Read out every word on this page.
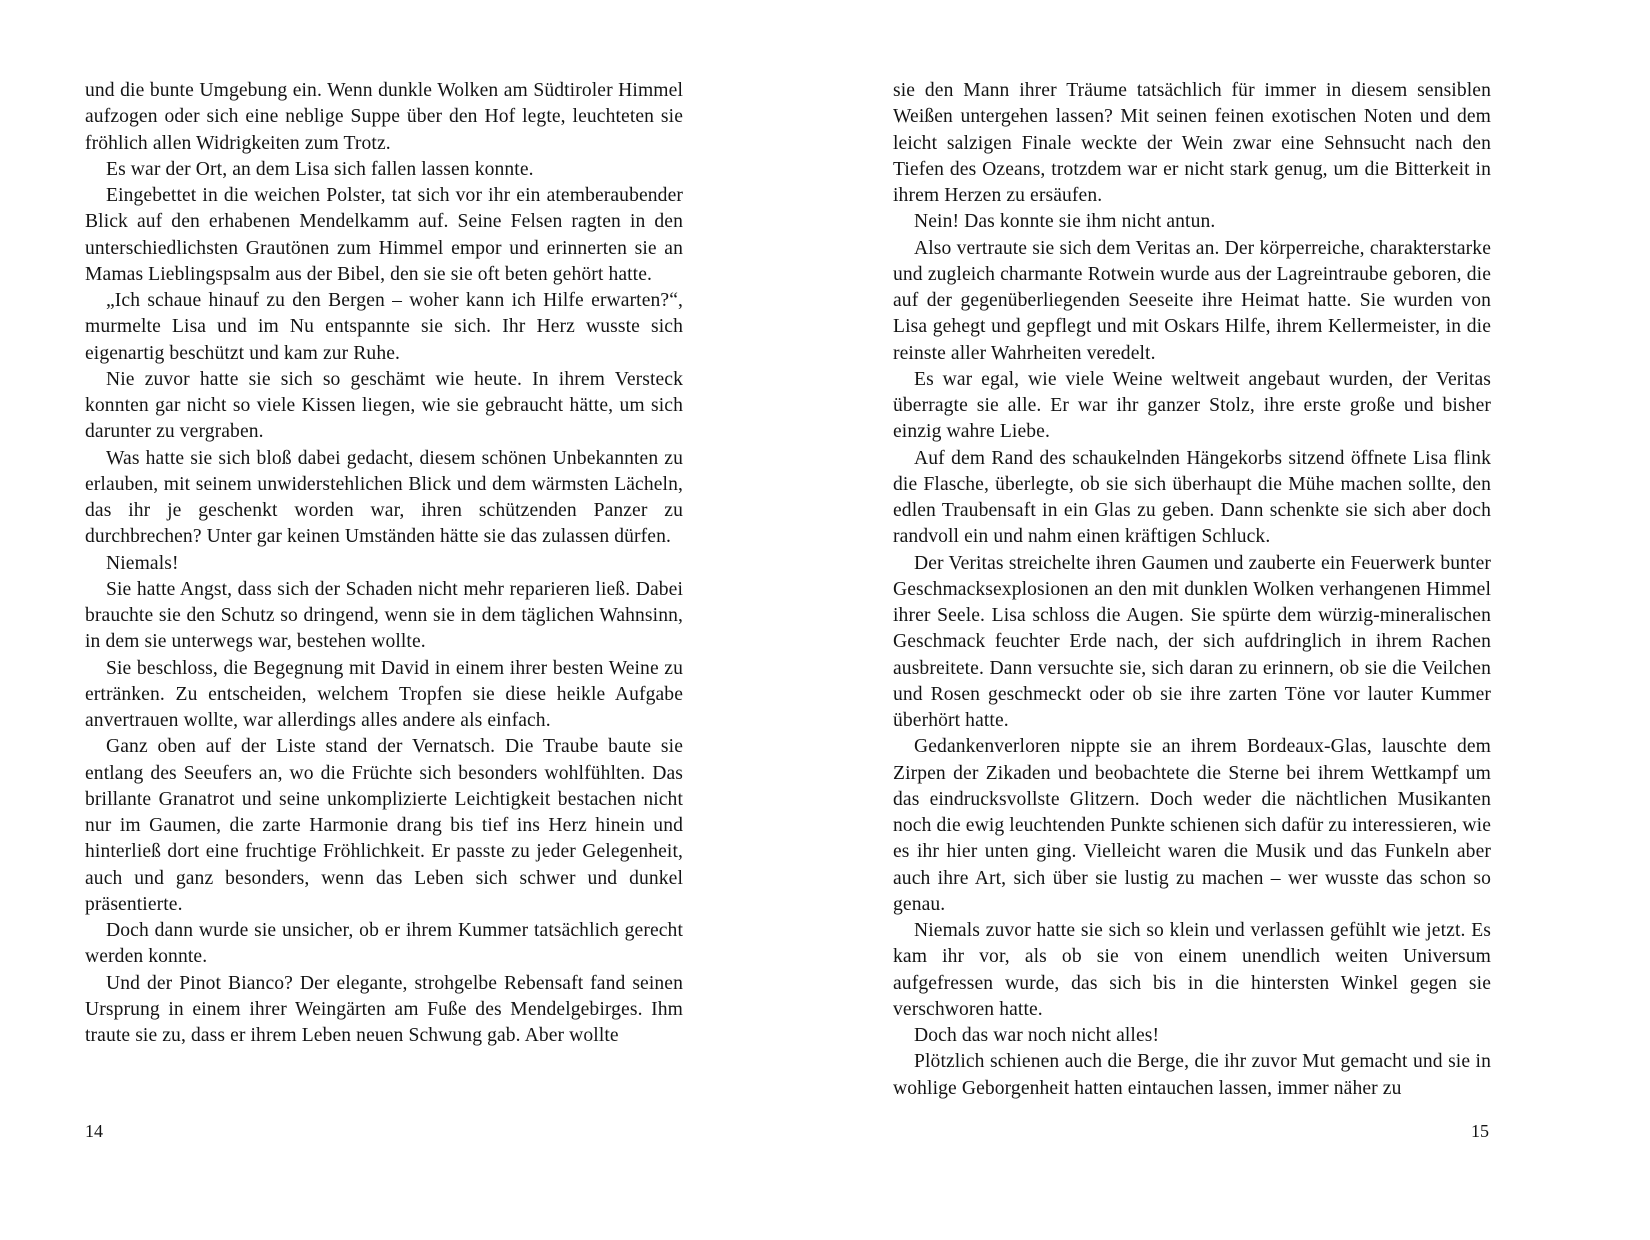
und die bunte Umgebung ein. Wenn dunkle Wolken am Südtiroler Himmel aufzogen oder sich eine neblige Suppe über den Hof legte, leuchteten sie fröhlich allen Widrigkeiten zum Trotz.

Es war der Ort, an dem Lisa sich fallen lassen konnte.

Eingebettet in die weichen Polster, tat sich vor ihr ein atemberaubender Blick auf den erhabenen Mendelkamm auf. Seine Felsen ragten in den unterschiedlichsten Grautönen zum Himmel empor und erinnerten sie an Mamas Lieblingspsalm aus der Bibel, den sie sie oft beten gehört hatte.

„Ich schaue hinauf zu den Bergen – woher kann ich Hilfe erwarten?“, murmelte Lisa und im Nu entspannte sie sich. Ihr Herz wusste sich eigenartig beschützt und kam zur Ruhe.

Nie zuvor hatte sie sich so geschämt wie heute. In ihrem Versteck konnten gar nicht so viele Kissen liegen, wie sie gebraucht hätte, um sich darunter zu vergraben.

Was hatte sie sich bloß dabei gedacht, diesem schönen Unbekannten zu erlauben, mit seinem unwiderstehlichen Blick und dem wärmsten Lächeln, das ihr je geschenkt worden war, ihren schützenden Panzer zu durchbrechen? Unter gar keinen Umständen hätte sie das zulassen dürfen.

Niemals!

Sie hatte Angst, dass sich der Schaden nicht mehr reparieren ließ. Dabei brauchte sie den Schutz so dringend, wenn sie in dem täglichen Wahnsinn, in dem sie unterwegs war, bestehen wollte.

Sie beschloss, die Begegnung mit David in einem ihrer besten Weine zu ertränken. Zu entscheiden, welchem Tropfen sie diese heikle Aufgabe anvertrauen wollte, war allerdings alles andere als einfach.

Ganz oben auf der Liste stand der Vernatsch. Die Traube baute sie entlang des Seeufers an, wo die Früchte sich besonders wohlfühlten. Das brillante Granatrot und seine unkomplizierte Leichtigkeit bestachen nicht nur im Gaumen, die zarte Harmonie drang bis tief ins Herz hinein und hinterließ dort eine fruchtige Fröhlichkeit. Er passte zu jeder Gelegenheit, auch und ganz besonders, wenn das Leben sich schwer und dunkel präsentierte.

Doch dann wurde sie unsicher, ob er ihrem Kummer tatsächlich gerecht werden konnte.

Und der Pinot Bianco? Der elegante, strohgelbe Rebensaft fand seinen Ursprung in einem ihrer Weingärten am Fuße des Mendelgebirges. Ihm traute sie zu, dass er ihrem Leben neuen Schwung gab. Aber wollte

sie den Mann ihrer Träume tatsächlich für immer in diesem sensiblen Weißen untergehen lassen? Mit seinen feinen exotischen Noten und dem leicht salzigen Finale weckte der Wein zwar eine Sehnsucht nach den Tiefen des Ozeans, trotzdem war er nicht stark genug, um die Bitterkeit in ihrem Herzen zu ersäufen.

Nein! Das konnte sie ihm nicht antun.

Also vertraute sie sich dem Veritas an. Der körperreiche, charakterstarke und zugleich charmante Rotwein wurde aus der Lagreintraube geboren, die auf der gegenüberliegenden Seeseite ihre Heimat hatte. Sie wurden von Lisa gehegt und gepflegt und mit Oskars Hilfe, ihrem Kellermeister, in die reinste aller Wahrheiten veredelt.

Es war egal, wie viele Weine weltweit angebaut wurden, der Veritas überragte sie alle. Er war ihr ganzer Stolz, ihre erste große und bisher einzig wahre Liebe.

Auf dem Rand des schaukelnden Hängekorbs sitzend öffnete Lisa flink die Flasche, überlegte, ob sie sich überhaupt die Mühe machen sollte, den edlen Traubensaft in ein Glas zu geben. Dann schenkte sie sich aber doch randvoll ein und nahm einen kräftigen Schluck.

Der Veritas streichelte ihren Gaumen und zauberte ein Feuerwerk bunter Geschmacksexplosionen an den mit dunklen Wolken verhangenen Himmel ihrer Seele. Lisa schloss die Augen. Sie spürte dem würzig-mineralischen Geschmack feuchter Erde nach, der sich aufdringlich in ihrem Rachen ausbreitete. Dann versuchte sie, sich daran zu erinnern, ob sie die Veilchen und Rosen geschmeckt oder ob sie ihre zarten Töne vor lauter Kummer überhört hatte.

Gedankenverloren nippte sie an ihrem Bordeaux-Glas, lauschte dem Zirpen der Zikaden und beobachtete die Sterne bei ihrem Wettkampf um das eindrucksvollste Glitzern. Doch weder die nächtlichen Musikanten noch die ewig leuchtenden Punkte schienen sich dafür zu interessieren, wie es ihr hier unten ging. Vielleicht waren die Musik und das Funkeln aber auch ihre Art, sich über sie lustig zu machen – wer wusste das schon so genau.

Niemals zuvor hatte sie sich so klein und verlassen gefühlt wie jetzt. Es kam ihr vor, als ob sie von einem unendlich weiten Universum aufgefressen wurde, das sich bis in die hintersten Winkel gegen sie verschworen hatte.

Doch das war noch nicht alles!

Plötzlich schienen auch die Berge, die ihr zuvor Mut gemacht und sie in wohlige Geborgenheit hatten eintauchen lassen, immer näher zu

14	15
